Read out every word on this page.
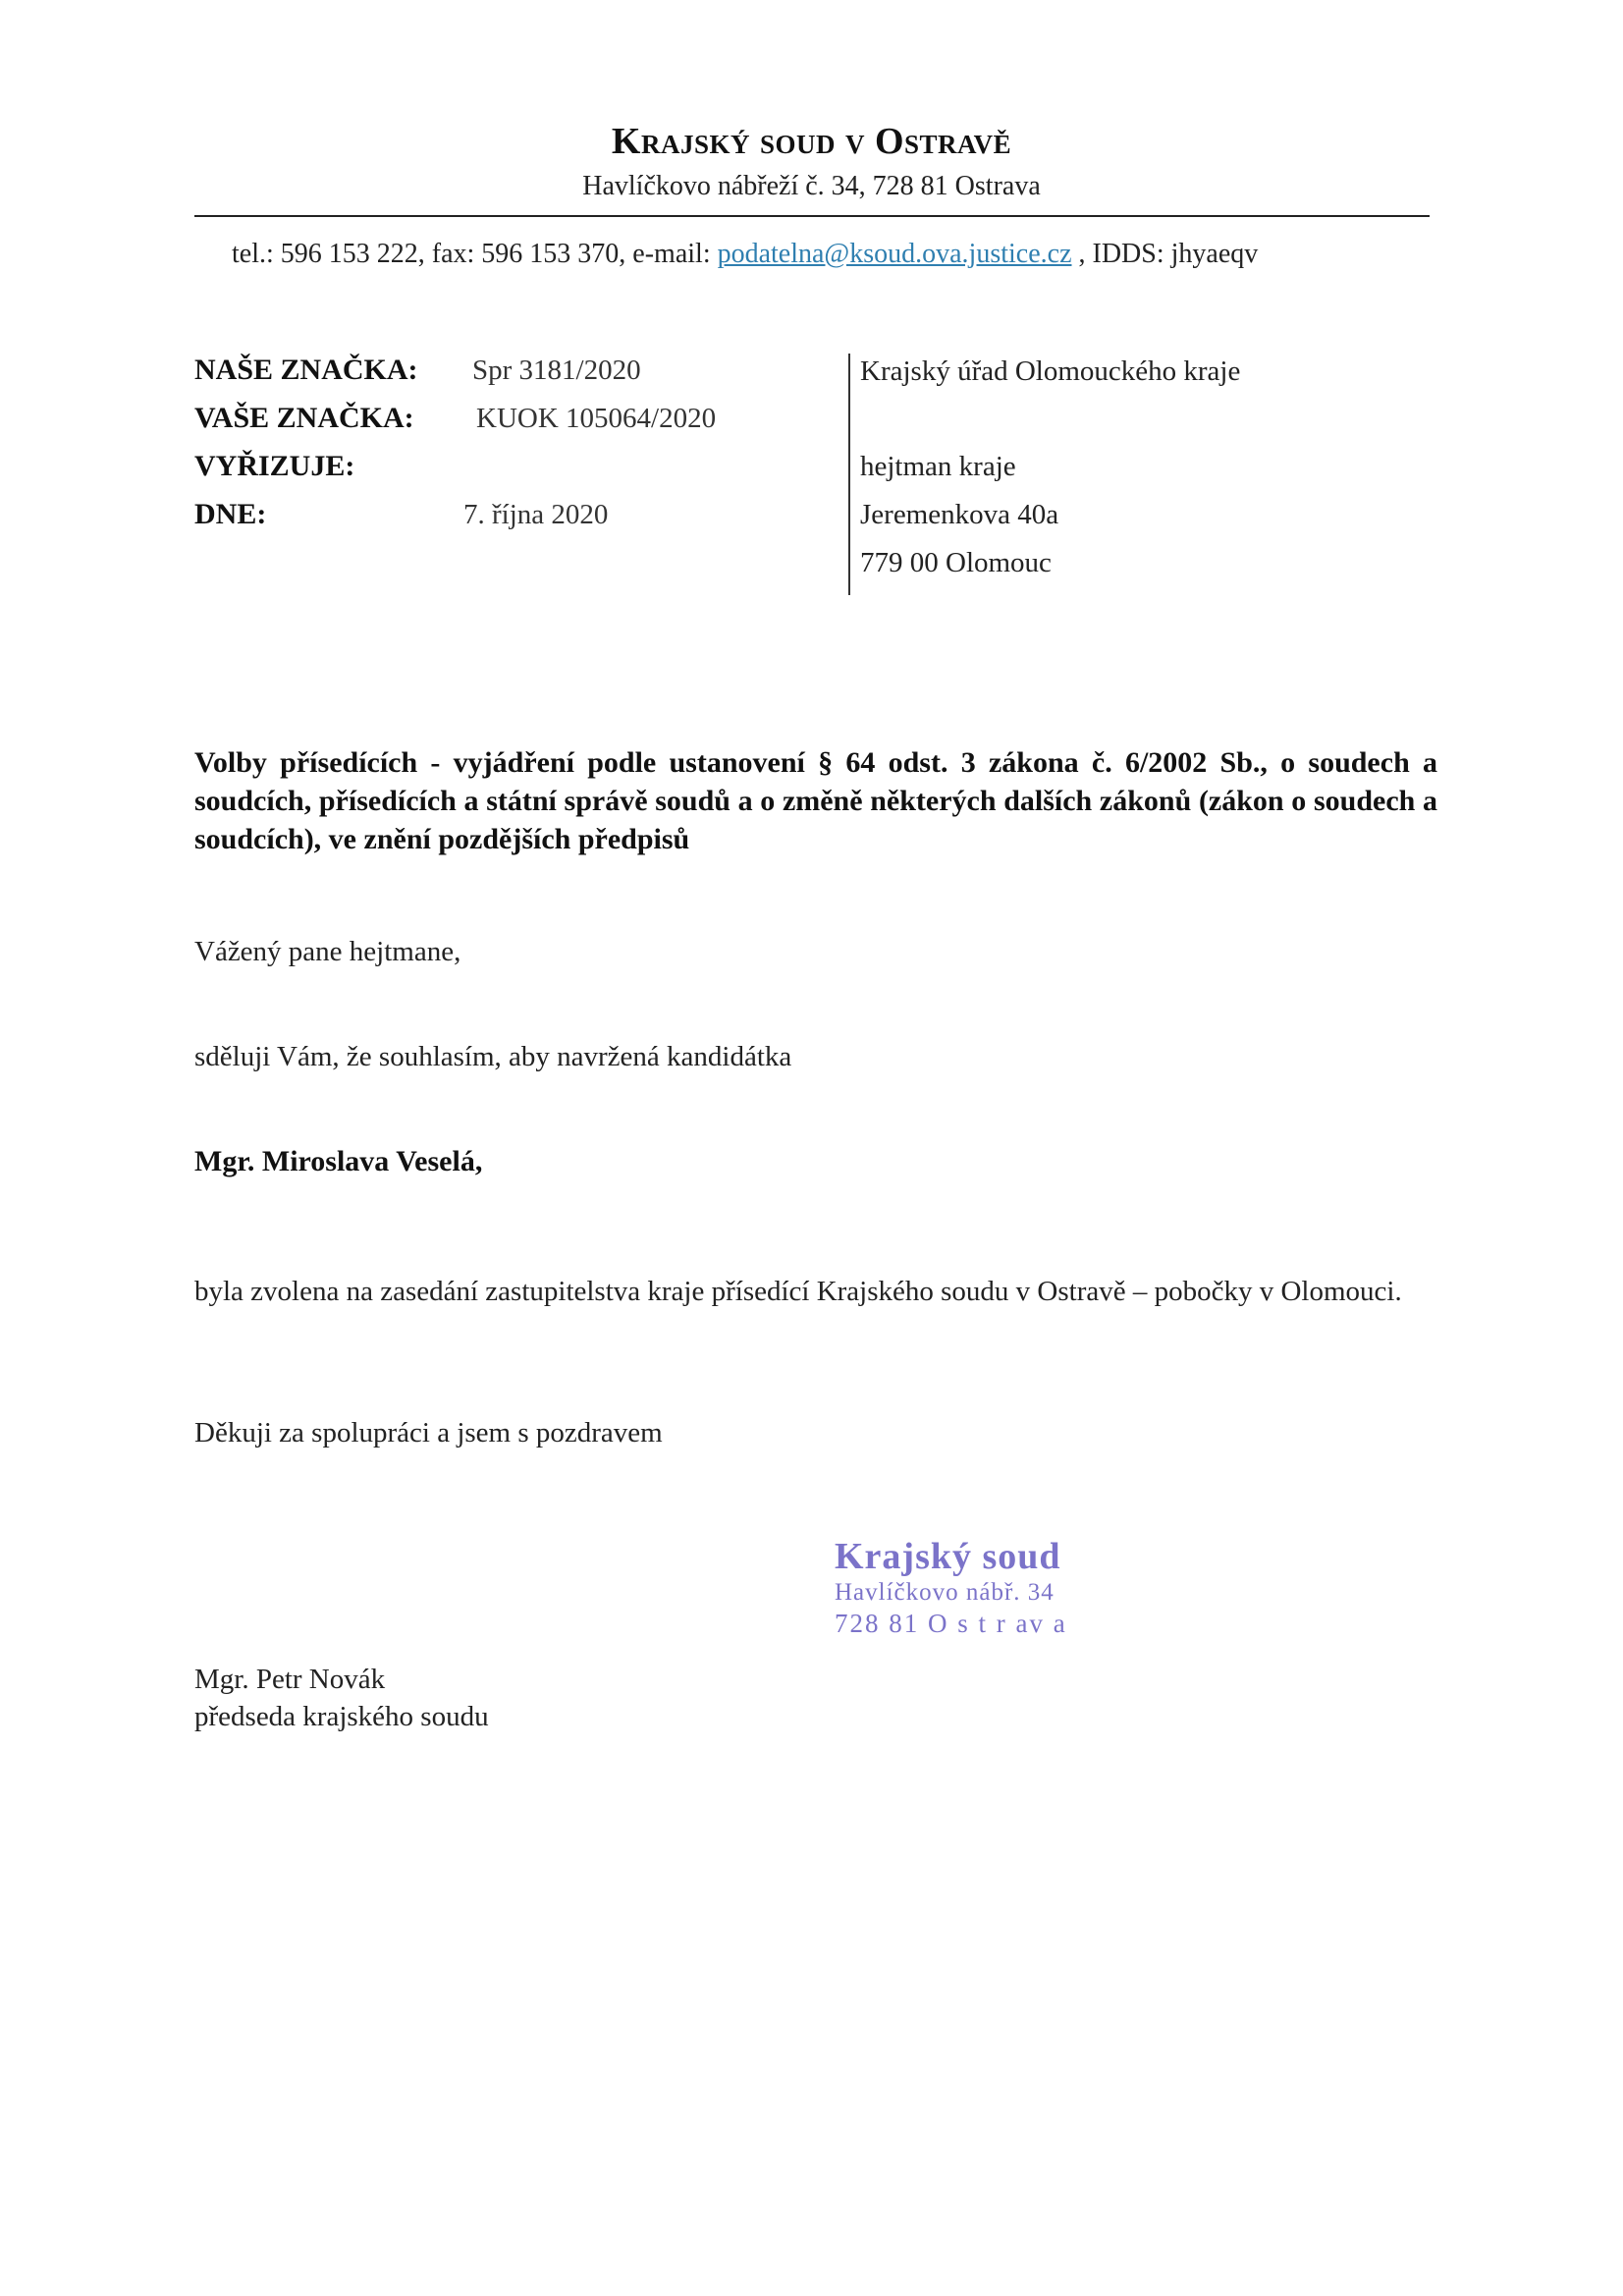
Krajský soud v Ostravě
Havlíčkovo nábřeží č. 34, 728 81 Ostrava
tel.: 596 153 222, fax: 596 153 370, e-mail: podatelna@ksoud.ova.justice.cz , IDDS: jhyaeqv
NAŠE ZNAČKA: Spr 3181/2020
VAŠE ZNAČKA: KUOK 105064/2020
VYŘIZUJE:
DNE:	7. října 2020
Krajský úřad Olomouckého kraje
hejtman kraje
Jeremenkova 40a
779 00 Olomouc
Volby přísedících - vyjádření podle ustanovení § 64 odst. 3 zákona č. 6/2002 Sb., o soudech a soudcích, přísedících a státní správě soudů a o změně některých dalších zákonů (zákon o soudech a soudcích), ve znění pozdějších předpisů
Vážený pane hejtmane,
sděluji Vám, že souhlasím, aby navržená kandidátka
Mgr. Miroslava Veselá,
byla zvolena na zasedání zastupitelstva kraje přísedící Krajského soudu v Ostravě – pobočky v Olomouci.
Děkuji za spolupráci a jsem s pozdravem
Krajský soud
Havlíčkovo nábř. 34
728 81 O s t r av a
Mgr. Petr Novák
předseda krajského soudu
